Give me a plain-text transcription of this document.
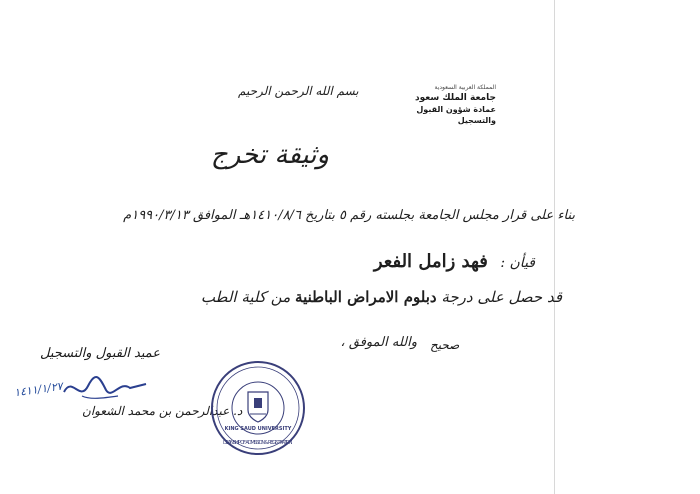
المملكة العربية السعودية
جامعة الملك سعود
عمادة شؤون القبول والتسجيل
بسم الله الرحمن الرحيم
وثيقة تخرج
بناء على قرار مجلس الجامعة بجلسته رقم ٥ بتاريخ ١٤١٠/٨/٦هـ الموافق ١٩٩٠/٣/١٣م
قيأن : فهد زامل الفعر
قد حصل على درجة دبلوم الامراض الباطنية من كلية الطب
والله الموفق ، صحيح
عميد القبول والتسجيل
١٤١١/١/٢٧
د. عبدالرحمن بن محمد الشعوان
KING SAUD UNIVERSITY
DEANSHIP OF ADMISSION & REGISTRATION
